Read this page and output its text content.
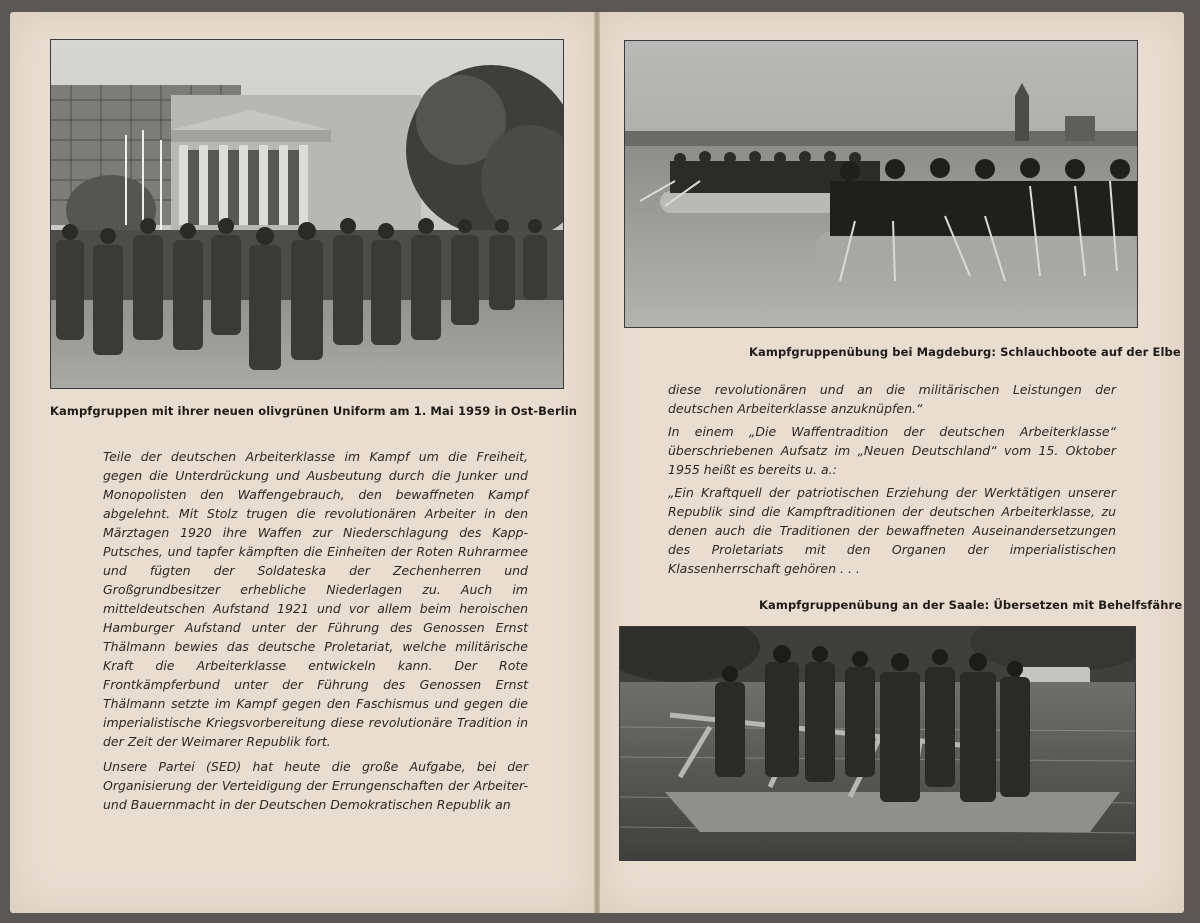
Kampfgruppen mit ihrer neuen olivgrünen Uniform am 1. Mai 1959 in Ost-Berlin

Teile der deutschen Arbeiterklasse im Kampf um die Freiheit, gegen die Unterdrückung und Ausbeutung durch die Junker und Monopolisten den Waffengebrauch, den bewaffneten Kampf abgelehnt. Mit Stolz trugen die revolutionären Arbeiter in den Märztagen 1920 ihre Waffen zur Niederschlagung des Kapp-Putsches, und tapfer kämpften die Einheiten der Roten Ruhrarmee und fügten der Soldateska der Zechenherren und Großgrundbesitzer erhebliche Niederlagen zu. Auch im mitteldeutschen Aufstand 1921 und vor allem beim heroischen Hamburger Aufstand unter der Führung des Genossen Ernst Thälmann bewies das deutsche Proletariat, welche militärische Kraft die Arbeiterklasse entwickeln kann. Der Rote Frontkämpferbund unter der Führung des Genossen Ernst Thälmann setzte im Kampf gegen den Faschismus und gegen die imperialistische Kriegsvorbereitung diese revolutionäre Tradition in der Zeit der Weimarer Republik fort.

Unsere Partei (SED) hat heute die große Aufgabe, bei der Organisierung der Verteidigung der Errungenschaften der Arbeiter- und Bauernmacht in der Deutschen Demokratischen Republik an

Kampfgruppenübung bei Magdeburg: Schlauchboote auf der Elbe

diese revolutionären und an die militärischen Leistungen der deutschen Arbeiterklasse anzuknüpfen.“

In einem „Die Waffentradition der deutschen Arbeiterklasse“ überschriebenen Aufsatz im „Neuen Deutschland“ vom 15. Oktober 1955 heißt es bereits u. a.:

„Ein Kraftquell der patriotischen Erziehung der Werktätigen unserer Republik sind die Kampftraditionen der deutschen Arbeiterklasse, zu denen auch die Traditionen der bewaffneten Auseinandersetzungen des Proletariats mit den Organen der imperialistischen Klassenherrschaft gehören . . .

Kampfgruppenübung an der Saale: Übersetzen mit Behelfsfähre
